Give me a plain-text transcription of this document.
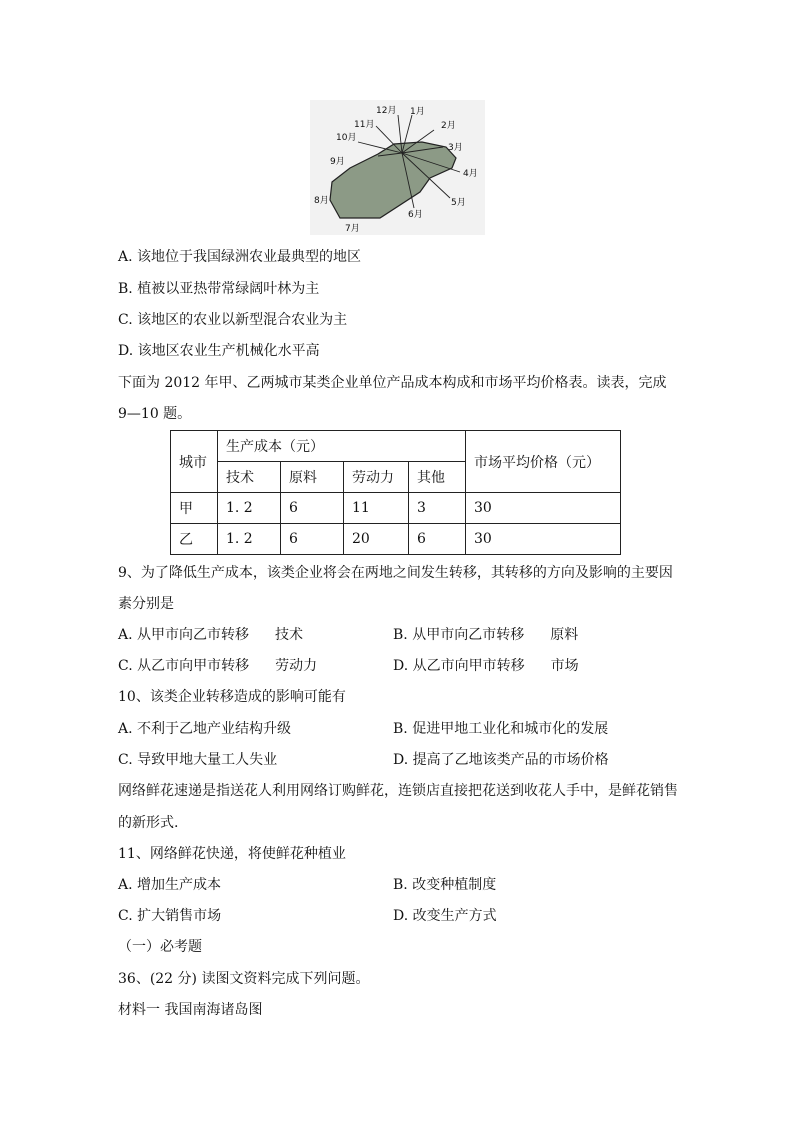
12月 1月
2月
3月
4月
5月
6月
7月
8月
9月
10月
11月
A. 该地位于我国绿洲农业最典型的地区
B. 植被以亚热带常绿阔叶林为主
C. 该地区的农业以新型混合农业为主
D. 该地区农业生产机械化水平高
下面为 2012 年甲、乙两城市某类企业单位产品成本构成和市场平均价格表。读表，完成
9—10 题。
城市	生产成本（元）				市场平均价格（元）
	技术	原料	劳动力	其他	
甲	1. 2	6	11	3	30
乙	1. 2	6	20	6	30
9、为了降低生产成本，该类企业将会在两地之间发生转移，其转移的方向及影响的主要因
素分别是
A. 从甲市向乙市转移 技术	B. 从甲市向乙市转移 原料
C. 从乙市向甲市转移 劳动力	D. 从乙市向甲市转移 市场
10、该类企业转移造成的影响可能有
A. 不利于乙地产业结构升级	B. 促进甲地工业化和城市化的发展
C. 导致甲地大量工人失业	D. 提高了乙地该类产品的市场价格
网络鲜花速递是指送花人利用网络订购鲜花，连锁店直接把花送到收花人手中，是鲜花销售
的新形式.
11、网络鲜花快递，将使鲜花种植业
A. 增加生产成本	B. 改变种植制度
C. 扩大销售市场	D. 改变生产方式
（一）必考题
36、(22 分) 读图文资料完成下列问题。
材料一 我国南海诸岛图
